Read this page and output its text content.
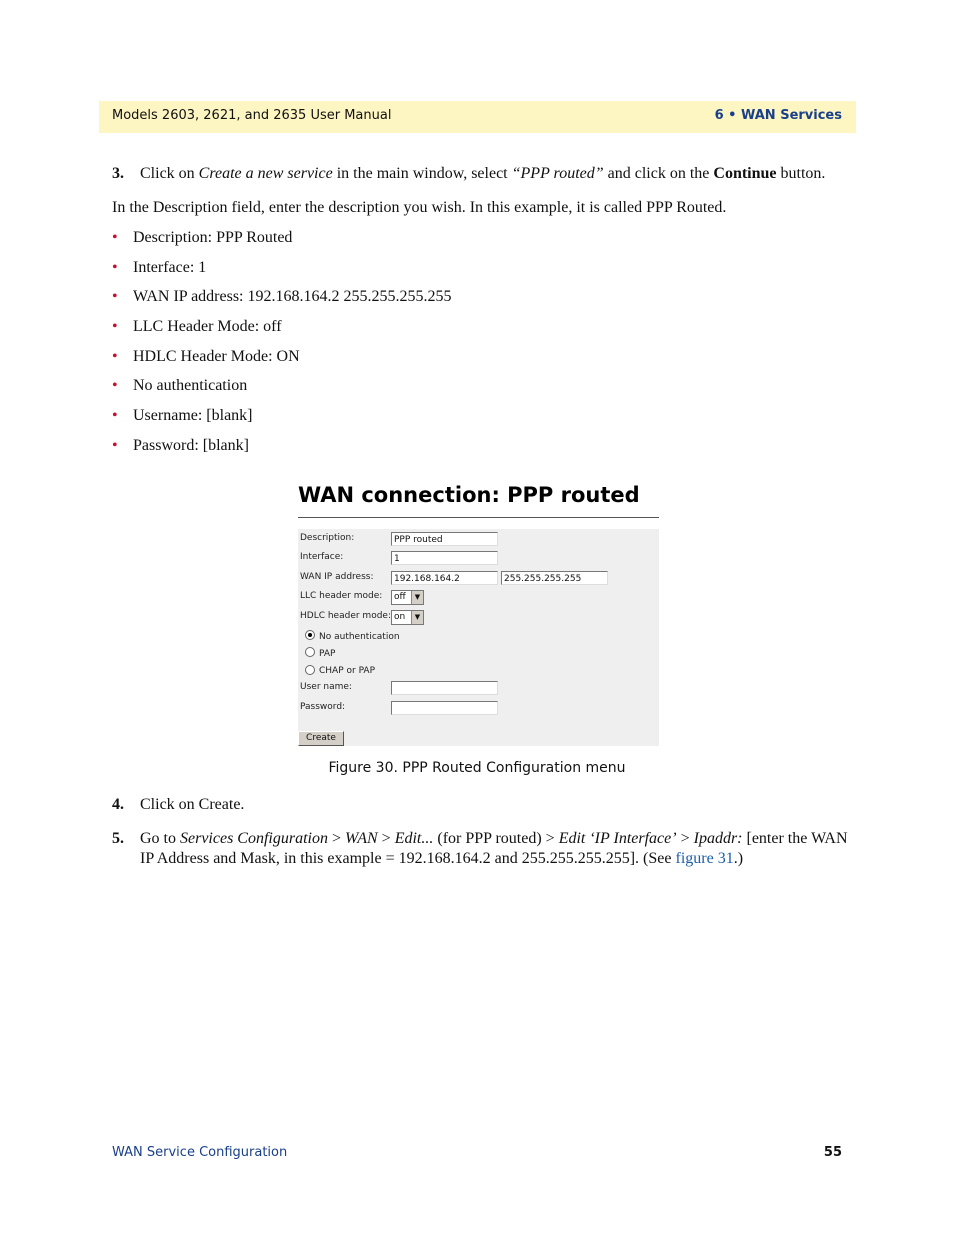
Models 2603, 2621, and 2635 User Manual	6 • WAN Services
3. Click on Create a new service in the main window, select “PPP routed” and click on the Continue button.
In the Description field, enter the description you wish. In this example, it is called PPP Routed.
• Description: PPP Routed
• Interface: 1
• WAN IP address: 192.168.164.2 255.255.255.255
• LLC Header Mode: off
• HDLC Header Mode: ON
• No authentication
• Username: [blank]
• Password: [blank]
WAN connection: PPP routed
Description:	PPP routed
Interface:	1
WAN IP address:	192.168.164.2	255.255.255.255
LLC header mode:	off	▼
HDLC header mode: on	▼
No authentication
PAP
CHAP or PAP
User name:
Password:
Create
Figure 30. PPP Routed Configuration menu
4. Click on Create.
5. Go to Services Configuration > WAN > Edit... (for PPP routed) > Edit ‘IP Interface’ > Ipaddr: [enter the WAN IP Address and Mask, in this example = 192.168.164.2 and 255.255.255.255]. (See figure 31.)
WAN Service Configuration	55
